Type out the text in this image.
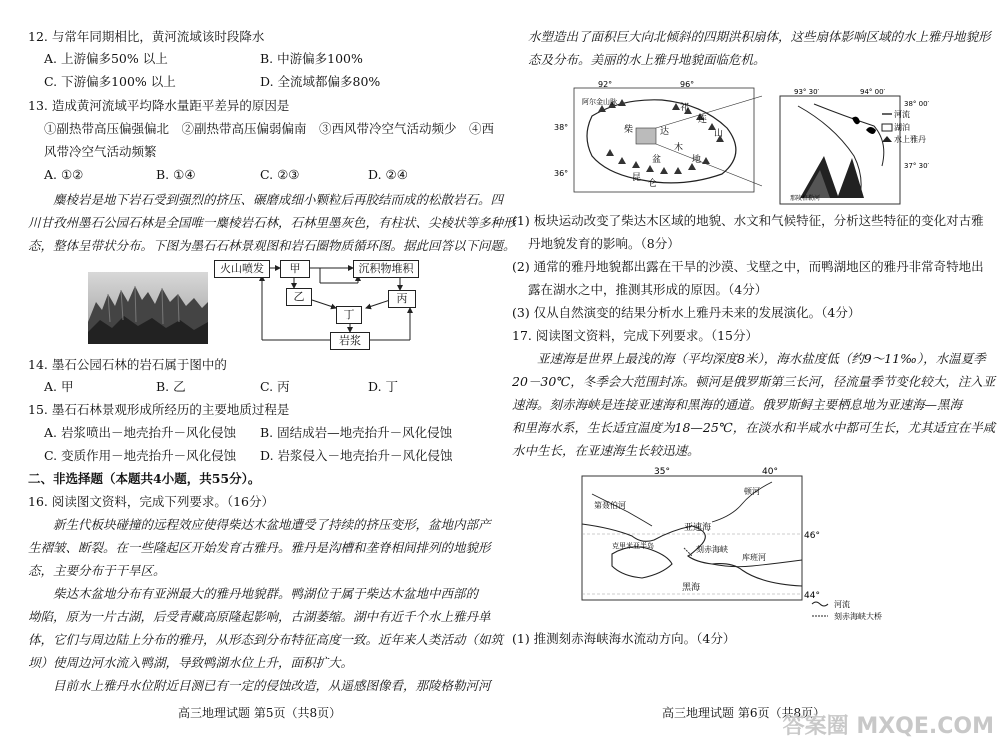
12. 与常年同期相比，黄河流域该时段降水
A. 上游偏多50% 以上	B. 中游偏多100%
C. 下游偏多100% 以上	D. 全流域都偏多80%
13. 造成黄河流域平均降水量距平差异的原因是
①副热带高压偏强偏北　②副热带高压偏弱偏南　③西风带冷空气活动频少　④西
风带冷空气活动频繁
A. ①②	B. ①④	C. ②③	D. ②④
　　麋棱岩是地下岩石受到强烈的挤压、碾磨成细小颗粒后再胶结而成的松散岩石。四
川甘孜州墨石公园石林是全国唯一麋棱岩石林，石林里墨灰色，有柱状、尖棱状等多种形
态，整体呈带状分布。下图为墨石石林景观图和岩石圈物质循环图。据此回答以下问题。
火山喷发	甲	沉积物堆积
乙
丁
丙
岩浆
14. 墨石公园石林的岩石属于图中的
A. 甲	B. 乙	C. 丙	D. 丁
15. 墨石石林景观形成所经历的主要地质过程是
A. 岩浆喷出－地壳抬升－风化侵蚀 B. 固结成岩—地壳抬升－风化侵蚀
C. 变质作用－地壳抬升－风化侵蚀 D. 岩浆侵入－地壳抬升－风化侵蚀
二、非选择题（本题共4小题，共55分）。
16. 阅读图文资料，完成下列要求。（16分）
　　新生代板块碰撞的远程效应使得柴达木盆地遭受了持续的挤压变形，盆地内部产
生褶皱、断裂。在一些隆起区开始发育古雅丹。雅丹是沟槽和垄脊相间排列的地貌形
态，主要分布于干旱区。
　　柴达木盆地分布有亚洲最大的雅丹地貌群。鸭湖位于属于柴达木盆地中西部的
坳陷，原为一片古湖，后受青藏高原隆起影响，古湖萎缩。湖中有近千个水上雅丹单
体，它们与周边陆上分布的雅丹，从形态到分布特征高度一致。近年来人类活动（如筑
坝）使周边河水流入鸭湖，导致鸭湖水位上升，面积扩大。
　　目前水上雅丹水位附近目测已有一定的侵蚀改造，从遥感图像看，那陵格勒河河
高三地理试题 第5页（共8页）
水塑造出了面积巨大向北倾斜的四期洪积扇体，这些扇体影响区域的水上雅丹地貌形
态及分布。美丽的水上雅丹地貌面临危机。
92°	96°
38°
36°
阿尔金山脉
柴	达
木
盆	地
祁
连
山
昆
仑
93° 30′	94° 00′
38° 00′
37° 30′
那陵格勒河
河流
湖泊
水上雅丹
(1) 板块运动改变了柴达木区域的地貌、水文和气候特征，分析这些特征的变化对古雅
丹地貌发育的影响。（8分）
(2) 通常的雅丹地貌都出露在干旱的沙漠、戈壁之中，而鸭湖地区的雅丹非常奇特地出
露在湖水之中，推测其形成的原因。（4分）
(3) 仅从自然演变的结果分析水上雅丹未来的发展演化。（4分）
17. 阅读图文资料，完成下列要求。（15分）
　　亚速海是世界上最浅的海（平均深度8米），海水盐度低（约9～11‰），水温夏季
20－30℃，冬季会大范围封冻。顿河是俄罗斯第三长河，径流量季节变化较大，注入亚
速海。刻赤海峡是连接亚速海和黑海的通道。俄罗斯鲟主要栖息地为亚速海—黑海
和里海水系，生长适宜温度为18—25℃，在淡水和半咸水中都可生长，尤其适宜在半咸
水中生长，在亚速海生长较迅速。
35°	40°
46°
44°
第聂伯河
顿河
亚速海
克里米亚半岛	刻赤海峡
黑海
库班河
河流
刻赤海峡大桥
(1) 推测刻赤海峡海水流动方向。（4分）
高三地理试题 第6页（共8页）
答案圈 MXQE.COM
